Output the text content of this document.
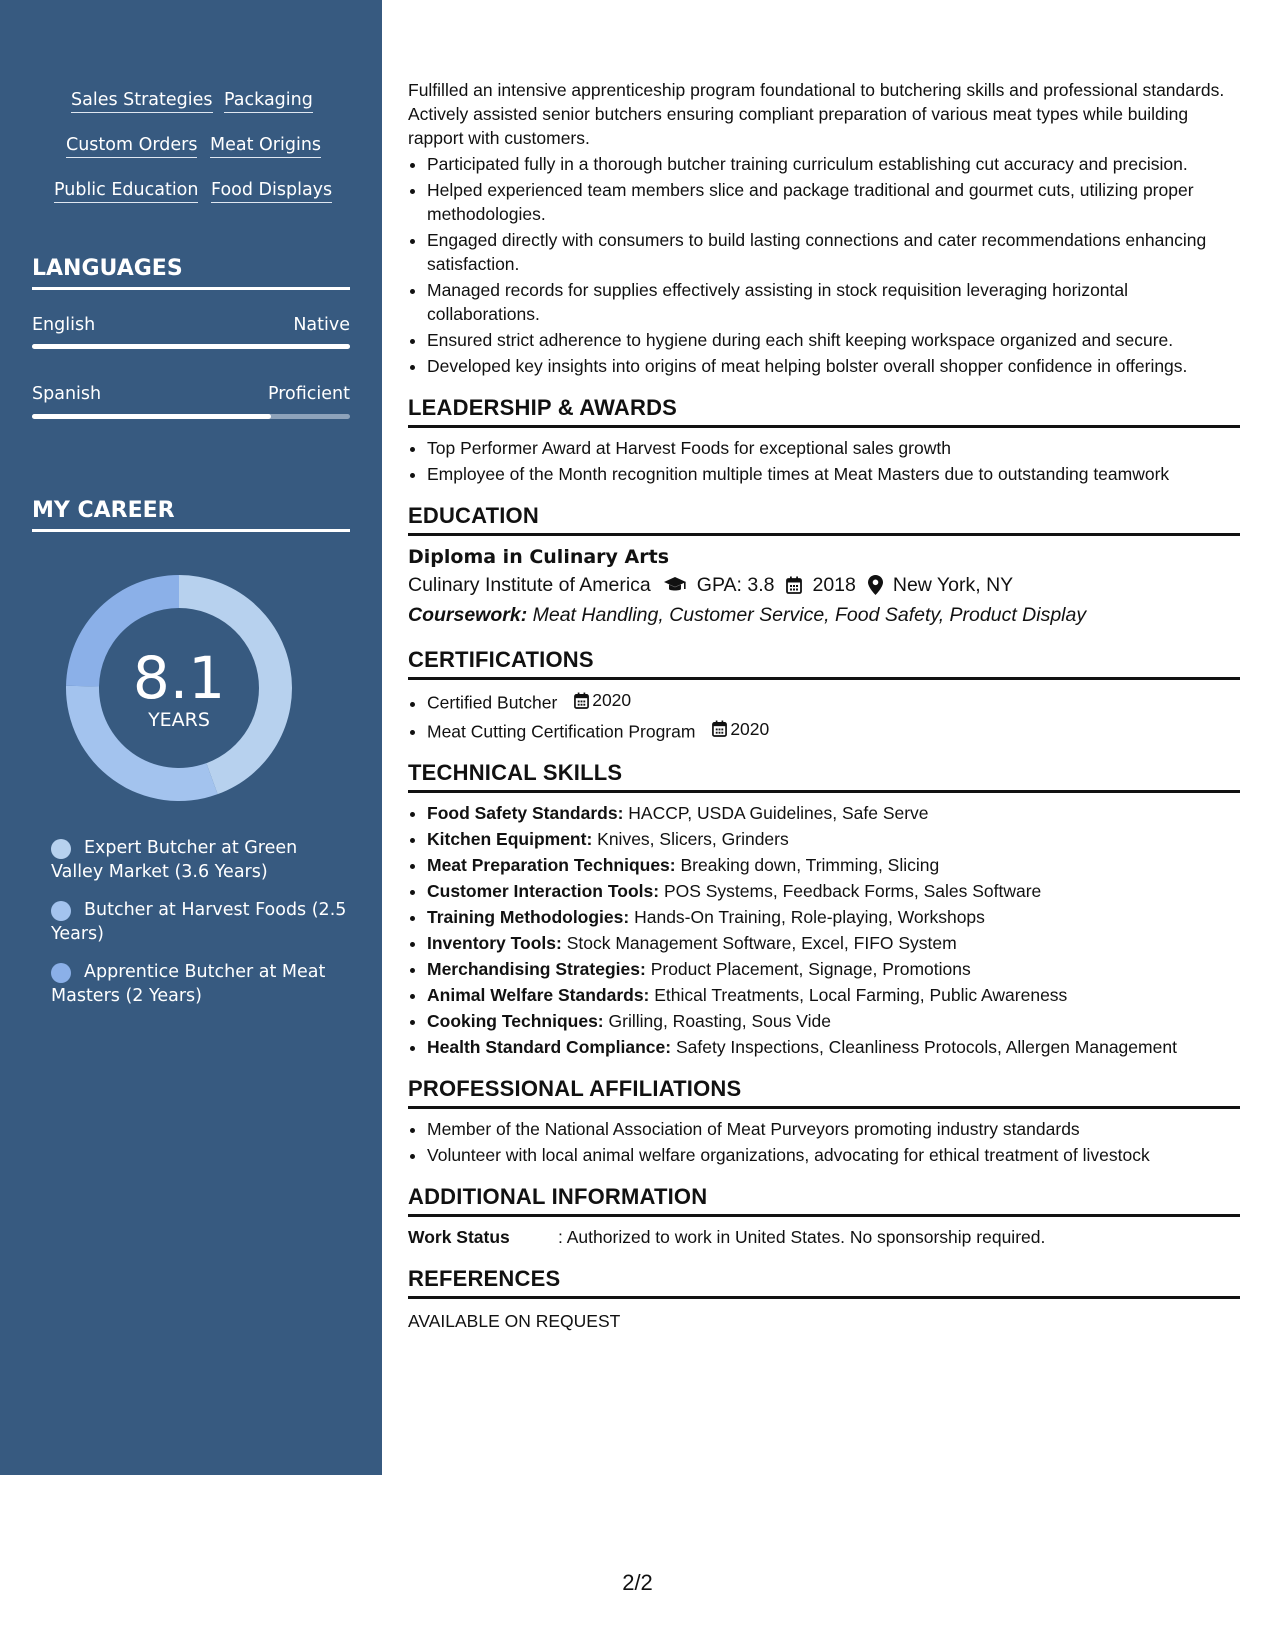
Sales Strategies Packaging
Custom Orders Meat Origins
Public Education Food Displays
LANGUAGES
English	Native
Spanish	Proficient
MY CAREER
8.1
YEARS
Expert Butcher at Green Valley Market (3.6 Years)
Butcher at Harvest Foods (2.5 Years)
Apprentice Butcher at Meat Masters (2 Years)

Fulfilled an intensive apprenticeship program foundational to butchering skills and professional standards. Actively assisted senior butchers ensuring compliant preparation of various meat types while building rapport with customers.

• Participated fully in a thorough butcher training curriculum establishing cut accuracy and precision.
• Helped experienced team members slice and package traditional and gourmet cuts, utilizing proper methodologies.
• Engaged directly with consumers to build lasting connections and cater recommendations enhancing satisfaction.
• Managed records for supplies effectively assisting in stock requisition leveraging horizontal collaborations.
• Ensured strict adherence to hygiene during each shift keeping workspace organized and secure.
• Developed key insights into origins of meat helping bolster overall shopper confidence in offerings.
LEADERSHIP & AWARDS
• Top Performer Award at Harvest Foods for exceptional sales growth
• Employee of the Month recognition multiple times at Meat Masters due to outstanding teamwork
EDUCATION
Diploma in Culinary Arts
Culinary Institute of America GPA: 3.8 2018 New York, NY
Coursework: Meat Handling, Customer Service, Food Safety, Product Display
CERTIFICATIONS
• Certified Butcher 2020
• Meat Cutting Certification Program 2020
TECHNICAL SKILLS
• Food Safety Standards: HACCP, USDA Guidelines, Safe Serve
• Kitchen Equipment: Knives, Slicers, Grinders
• Meat Preparation Techniques: Breaking down, Trimming, Slicing
• Customer Interaction Tools: POS Systems, Feedback Forms, Sales Software
• Training Methodologies: Hands-On Training, Role-playing, Workshops
• Inventory Tools: Stock Management Software, Excel, FIFO System
• Merchandising Strategies: Product Placement, Signage, Promotions
• Animal Welfare Standards: Ethical Treatments, Local Farming, Public Awareness
• Cooking Techniques: Grilling, Roasting, Sous Vide
• Health Standard Compliance: Safety Inspections, Cleanliness Protocols, Allergen Management
PROFESSIONAL AFFILIATIONS
• Member of the National Association of Meat Purveyors promoting industry standards
• Volunteer with local animal welfare organizations, advocating for ethical treatment of livestock
ADDITIONAL INFORMATION
Work Status	: Authorized to work in United States. No sponsorship required.
REFERENCES
AVAILABLE ON REQUEST
2/2
